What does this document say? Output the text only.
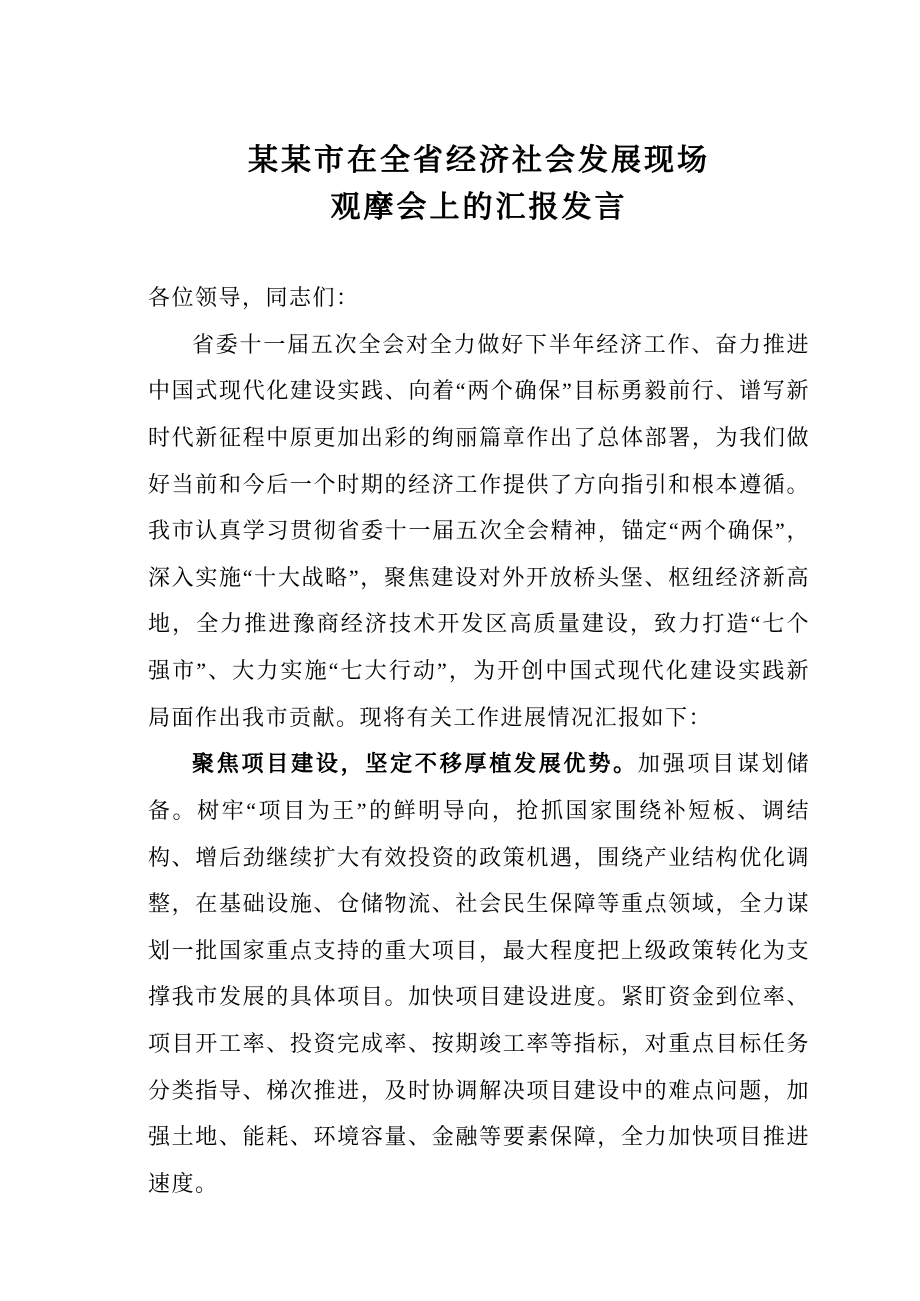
某某市在全省经济社会发展现场
观摩会上的汇报发言

各位领导，同志们：

省委十一届五次全会对全力做好下半年经济工作、奋力推进中国式现代化建设实践、向着“两个确保”目标勇毅前行、谱写新时代新征程中原更加出彩的绚丽篇章作出了总体部署，为我们做好当前和今后一个时期的经济工作提供了方向指引和根本遵循。我市认真学习贯彻省委十一届五次全会精神，锚定“两个确保”，深入实施“十大战略”，聚焦建设对外开放桥头堡、枢纽经济新高地，全力推进豫商经济技术开发区高质量建设，致力打造“七个强市”、大力实施“七大行动”，为开创中国式现代化建设实践新局面作出我市贡献。现将有关工作进展情况汇报如下：

聚焦项目建设，坚定不移厚植发展优势。加强项目谋划储备。树牢“项目为王”的鲜明导向，抢抓国家围绕补短板、调结构、增后劲继续扩大有效投资的政策机遇，围绕产业结构优化调整，在基础设施、仓储物流、社会民生保障等重点领域，全力谋划一批国家重点支持的重大项目，最大程度把上级政策转化为支撑我市发展的具体项目。加快项目建设进度。紧盯资金到位率、项目开工率、投资完成率、按期竣工率等指标，对重点目标任务分类指导、梯次推进，及时协调解决项目建设中的难点问题，加强土地、能耗、环境容量、金融等要素保障，全力加快项目推进速度。
